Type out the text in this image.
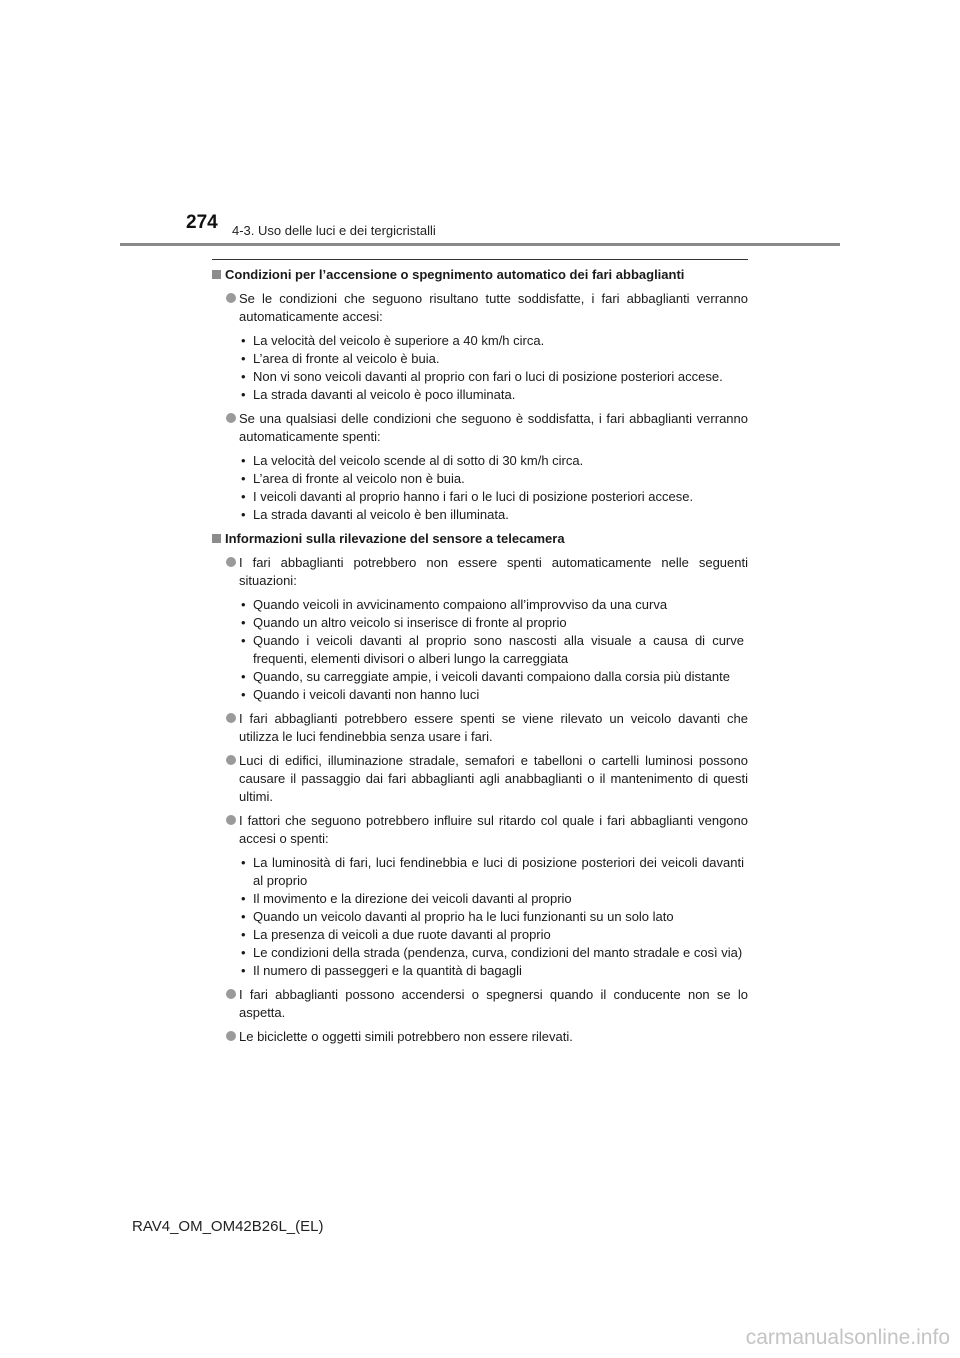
274 4-3. Uso delle luci e dei tergicristalli
Condizioni per l’accensione o spegnimento automatico dei fari abbaglianti
Se le condizioni che seguono risultano tutte soddisfatte, i fari abbaglianti verranno automaticamente accesi:
• La velocità del veicolo è superiore a 40 km/h circa.
• L’area di fronte al veicolo è buia.
• Non vi sono veicoli davanti al proprio con fari o luci di posizione posteriori accese.
• La strada davanti al veicolo è poco illuminata.
Se una qualsiasi delle condizioni che seguono è soddisfatta, i fari abbaglianti verranno automaticamente spenti:
• La velocità del veicolo scende al di sotto di 30 km/h circa.
• L’area di fronte al veicolo non è buia.
• I veicoli davanti al proprio hanno i fari o le luci di posizione posteriori accese.
• La strada davanti al veicolo è ben illuminata.
Informazioni sulla rilevazione del sensore a telecamera
I fari abbaglianti potrebbero non essere spenti automaticamente nelle seguenti situazioni:
• Quando veicoli in avvicinamento compaiono all’improvviso da una curva
• Quando un altro veicolo si inserisce di fronte al proprio
• Quando i veicoli davanti al proprio sono nascosti alla visuale a causa di curve frequenti, elementi divisori o alberi lungo la carreggiata
• Quando, su carreggiate ampie, i veicoli davanti compaiono dalla corsia più distante
• Quando i veicoli davanti non hanno luci
I fari abbaglianti potrebbero essere spenti se viene rilevato un veicolo davanti che utilizza le luci fendinebbia senza usare i fari.
Luci di edifici, illuminazione stradale, semafori e tabelloni o cartelli luminosi possono causare il passaggio dai fari abbaglianti agli anabbaglianti o il mantenimento di questi ultimi.
I fattori che seguono potrebbero influire sul ritardo col quale i fari abbaglianti vengono accesi o spenti:
• La luminosità di fari, luci fendinebbia e luci di posizione posteriori dei veicoli davanti al proprio
• Il movimento e la direzione dei veicoli davanti al proprio
• Quando un veicolo davanti al proprio ha le luci funzionanti su un solo lato
• La presenza di veicoli a due ruote davanti al proprio
• Le condizioni della strada (pendenza, curva, condizioni del manto stradale e così via)
• Il numero di passeggeri e la quantità di bagagli
I fari abbaglianti possono accendersi o spegnersi quando il conducente non se lo aspetta.
Le biciclette o oggetti simili potrebbero non essere rilevati.
RAV4_OM_OM42B26L_(EL)
carmanualsonline.info
